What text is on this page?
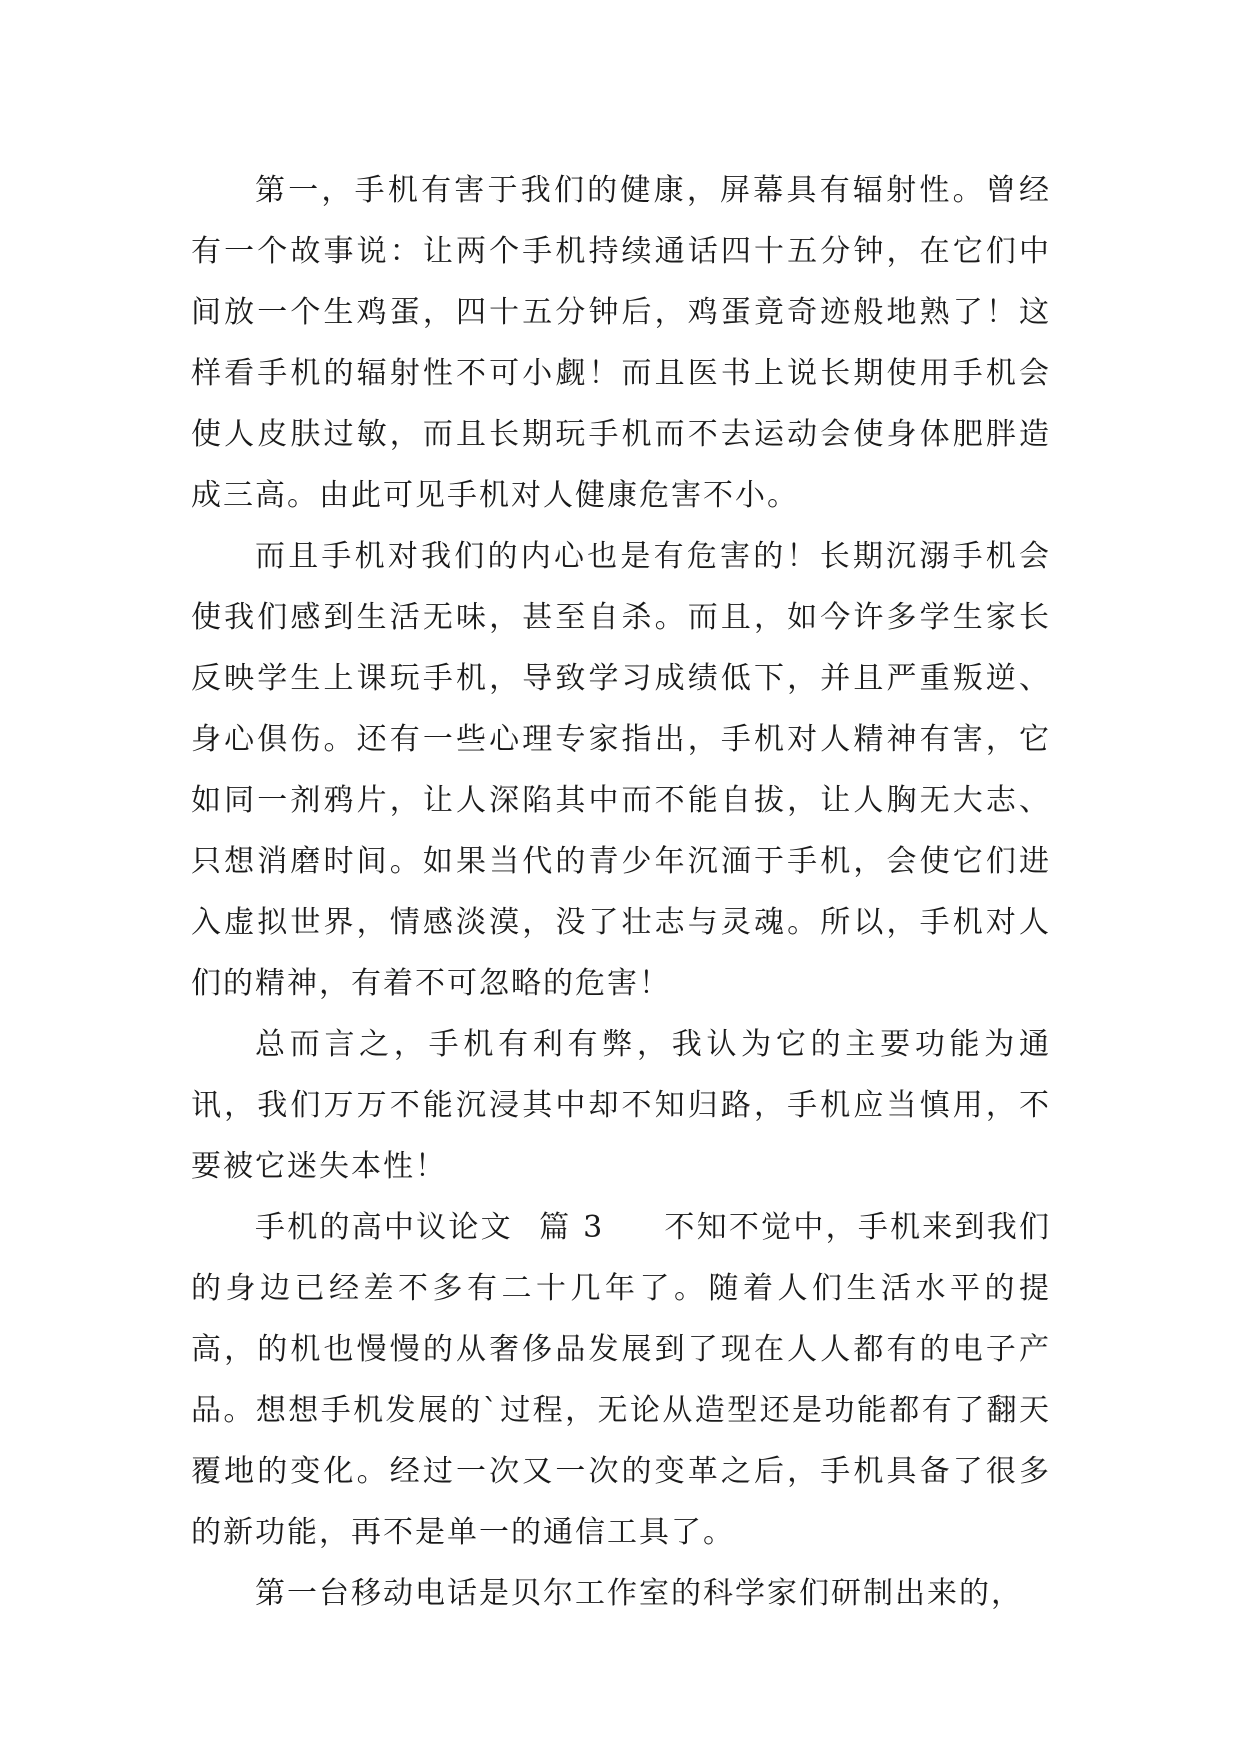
第一，手机有害于我们的健康，屏幕具有辐射性。曾经有一个故事说：让两个手机持续通话四十五分钟，在它们中间放一个生鸡蛋，四十五分钟后，鸡蛋竟奇迹般地熟了！这样看手机的辐射性不可小觑！而且医书上说长期使用手机会使人皮肤过敏，而且长期玩手机而不去运动会使身体肥胖造成三高。由此可见手机对人健康危害不小。

而且手机对我们的内心也是有危害的！长期沉溺手机会使我们感到生活无味，甚至自杀。而且，如今许多学生家长反映学生上课玩手机，导致学习成绩低下，并且严重叛逆、身心俱伤。还有一些心理专家指出，手机对人精神有害，它如同一剂鸦片，让人深陷其中而不能自拔，让人胸无大志、只想消磨时间。如果当代的青少年沉湎于手机，会使它们进入虚拟世界，情感淡漠，没了壮志与灵魂。所以，手机对人们的精神，有着不可忽略的危害！

总而言之，手机有利有弊，我认为它的主要功能为通讯，我们万万不能沉浸其中却不知归路，手机应当慎用，不要被它迷失本性！

手机的高中议论文 篇 3 不知不觉中，手机来到我们的身边已经差不多有二十几年了。随着人们生活水平的提高，的机也慢慢的从奢侈品发展到了现在人人都有的电子产品。想想手机发展的`过程，无论从造型还是功能都有了翻天覆地的变化。经过一次又一次的变革之后，手机具备了很多的新功能，再不是单一的通信工具了。

第一台移动电话是贝尔工作室的科学家们研制出来的，
